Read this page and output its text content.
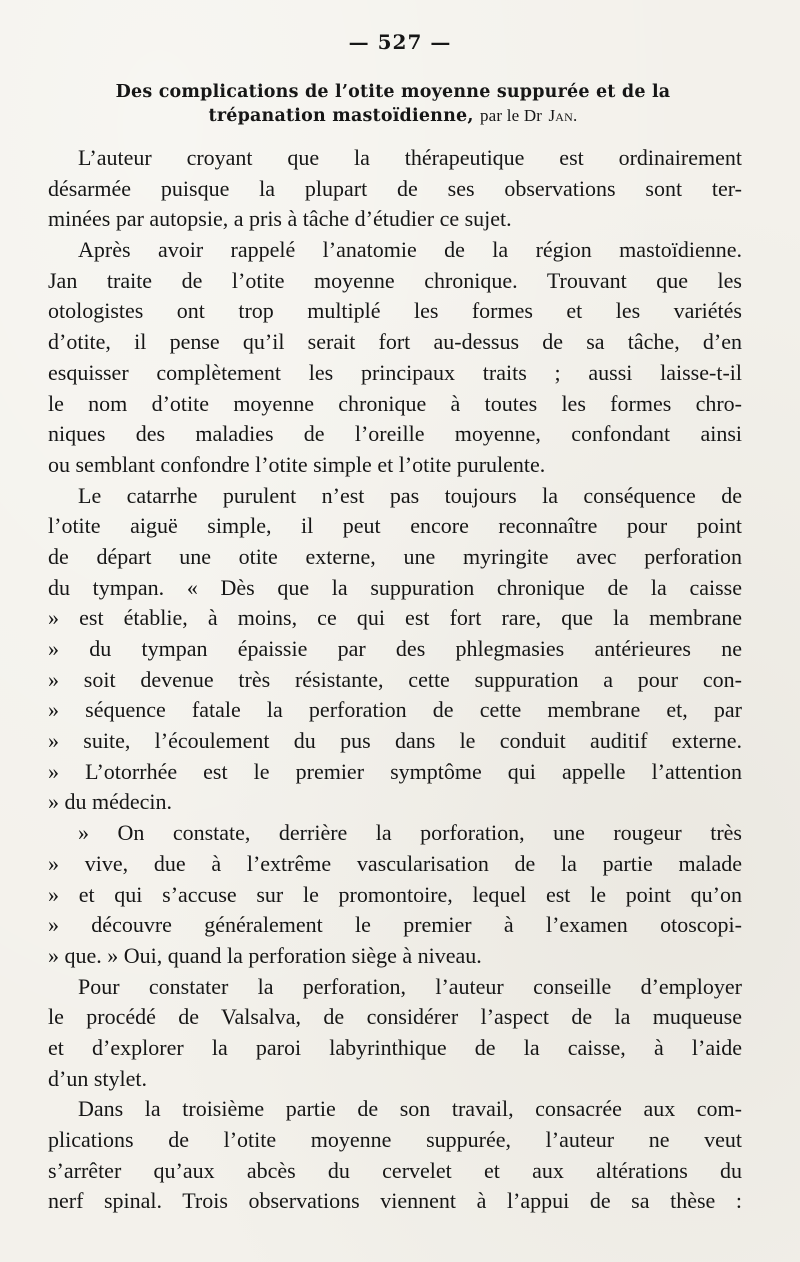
— 527 —
Des complications de l’otite moyenne suppurée et de la
trépanation mastoïdienne, par le Dr Jan.
L’auteur croyant que la thérapeutique est ordinairement
désarmée puisque la plupart de ses observations sont ter-
minées par autopsie, a pris à tâche d’étudier ce sujet.
Après avoir rappelé l’anatomie de la région mastoïdienne.
Jan traite de l’otite moyenne chronique. Trouvant que les
otologistes ont trop multiplé les formes et les variétés
d’otite, il pense qu’il serait fort au-dessus de sa tâche, d’en
esquisser complètement les principaux traits ; aussi laisse-t-il
le nom d’otite moyenne chronique à toutes les formes chro-
niques des maladies de l’oreille moyenne, confondant ainsi
ou semblant confondre l’otite simple et l’otite purulente.
Le catarrhe purulent n’est pas toujours la conséquence de
l’otite aiguë simple, il peut encore reconnaître pour point
de départ une otite externe, une myringite avec perforation
du tympan. « Dès que la suppuration chronique de la caisse
» est établie, à moins, ce qui est fort rare, que la membrane
» du tympan épaissie par des phlegmasies antérieures ne
» soit devenue très résistante, cette suppuration a pour con-
» séquence fatale la perforation de cette membrane et, par
» suite, l’écoulement du pus dans le conduit auditif externe.
» L’otorrhée est le premier symptôme qui appelle l’attention
» du médecin.
» On constate, derrière la porforation, une rougeur très
» vive, due à l’extrême vascularisation de la partie malade
» et qui s’accuse sur le promontoire, lequel est le point qu’on
» découvre généralement le premier à l’examen otoscopi-
» que. » Oui, quand la perforation siège à niveau.
Pour constater la perforation, l’auteur conseille d’employer
le procédé de Valsalva, de considérer l’aspect de la muqueuse
et d’explorer la paroi labyrinthique de la caisse, à l’aide
d’un stylet.
Dans la troisième partie de son travail, consacrée aux com-
plications de l’otite moyenne suppurée, l’auteur ne veut
s’arrêter qu’aux abcès du cervelet et aux altérations du
nerf spinal. Trois observations viennent à l’appui de sa thèse :
